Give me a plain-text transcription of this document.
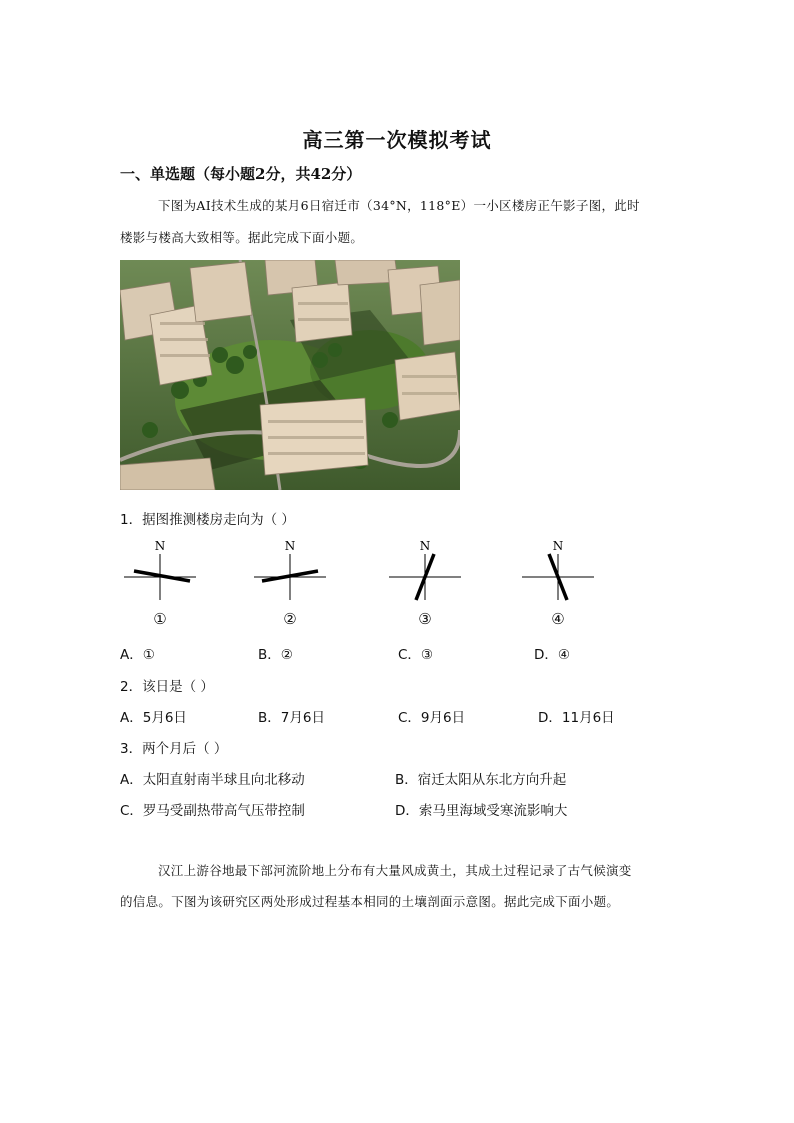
高三第一次模拟考试
一、单选题（每小题2分，共42分）
下图为AI技术生成的某月6日宿迁市（34°N，118°E）一小区楼房正午影子图，此时
楼影与楼高大致相等。据此完成下面小题。
1．据图推测楼房走向为（ ）
N	N	N	N
①	②	③	④
A．①	B．②	C．③	D．④
2．该日是（ ）
A．5月6日	B．7月6日	C．9月6日	D．11月6日
3．两个月后（ ）
A．太阳直射南半球且向北移动	B．宿迁太阳从东北方向升起
C．罗马受副热带高气压带控制	D．索马里海域受寒流影响大
汉江上游谷地最下部河流阶地上分布有大量风成黄土，其成土过程记录了古气候演变
的信息。下图为该研究区两处形成过程基本相同的土壤剖面示意图。据此完成下面小题。
